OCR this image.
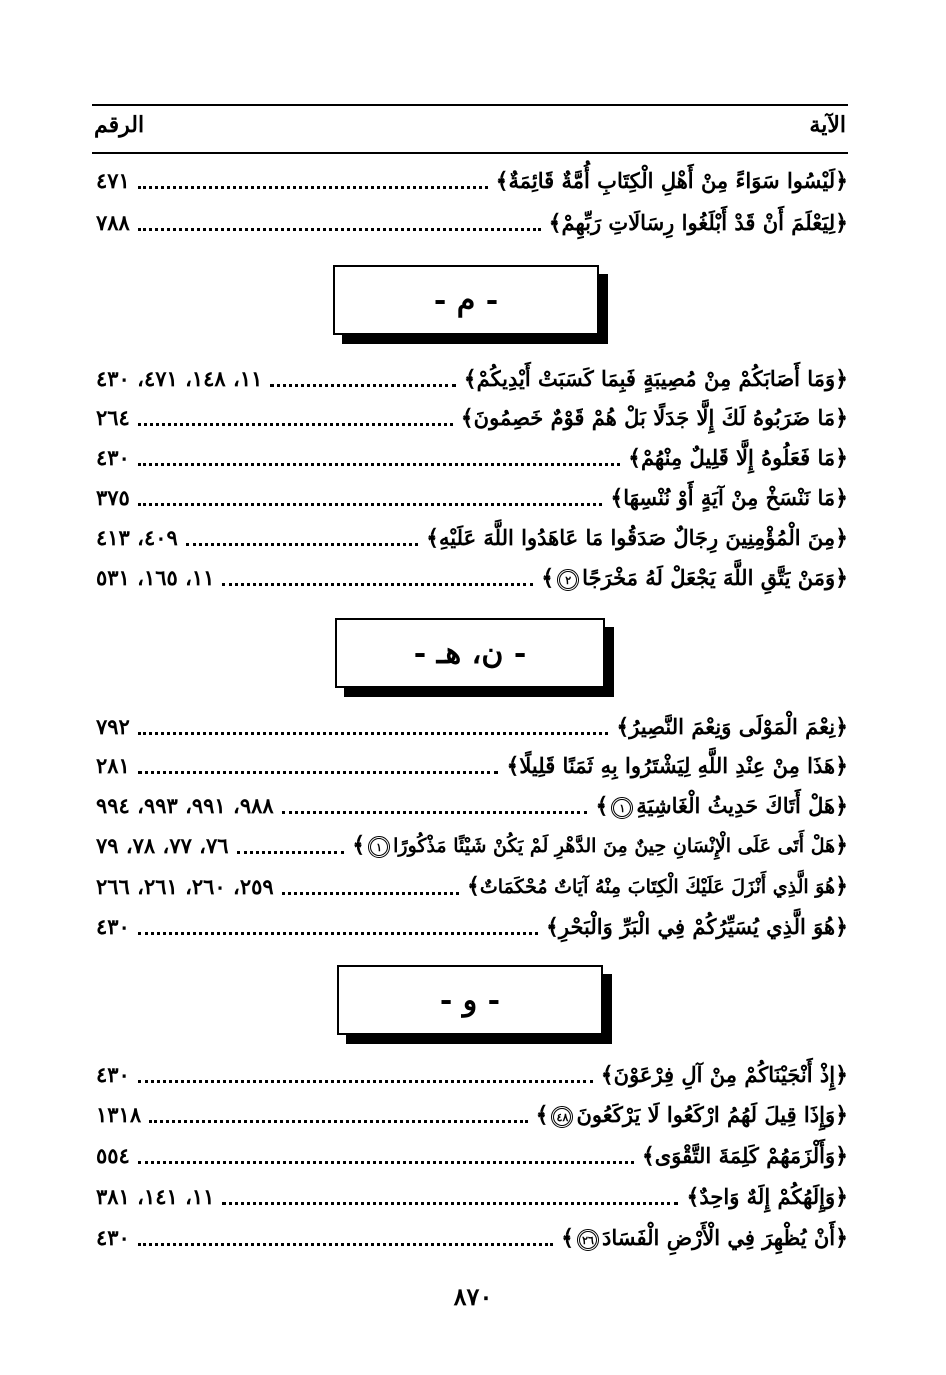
الآية
الرقم
﴿لَيْسُوا سَوَاءً مِنْ أَهْلِ الْكِتَابِ أُمَّةٌ قَائِمَةٌ﴾
٤٧١
﴿لِيَعْلَمَ أَنْ قَدْ أَبْلَغُوا رِسَالَاتِ رَبِّهِمْ﴾
٧٨٨
- م -
﴿وَمَا أَصَابَكُمْ مِنْ مُصِيبَةٍ فَبِمَا كَسَبَتْ أَيْدِيكُمْ﴾
١١، ١٤٨، ٤٧١، ٤٣٠
﴿مَا ضَرَبُوهُ لَكَ إِلَّا جَدَلًا بَلْ هُمْ قَوْمٌ خَصِمُونَ﴾
٢٦٤
﴿مَا فَعَلُوهُ إِلَّا قَلِيلٌ مِنْهُمْ﴾
٤٣٠
﴿مَا نَنْسَخْ مِنْ آيَةٍ أَوْ نُنْسِهَا﴾
٣٧٥
﴿مِنَ الْمُؤْمِنِينَ رِجَالٌ صَدَقُوا مَا عَاهَدُوا اللَّهَ عَلَيْهِ﴾
٤٠٩، ٤١٣
﴿وَمَنْ يَتَّقِ اللَّهَ يَجْعَلْ لَهُ مَخْرَجًا٢﴾
١١، ١٦٥، ٥٣١
- ن، هـ -
﴿نِعْمَ الْمَوْلَى وَنِعْمَ النَّصِيرُ﴾
٧٩٢
﴿هَذَا مِنْ عِنْدِ اللَّهِ لِيَشْتَرُوا بِهِ ثَمَنًا قَلِيلًا﴾
٢٨١
﴿هَلْ أَتَاكَ حَدِيثُ الْغَاشِيَةِ١﴾
٩٨٨، ٩٩١، ٩٩٣، ٩٩٤
﴿هَلْ أَتَى عَلَى الْإِنْسَانِ حِينٌ مِنَ الدَّهْرِ لَمْ يَكُنْ شَيْئًا مَذْكُورًا١﴾
٧٦، ٧٧، ٧٨، ٧٩
﴿هُوَ الَّذِي أَنْزَلَ عَلَيْكَ الْكِتَابَ مِنْهُ آيَاتٌ مُحْكَمَاتٌ﴾
٢٥٩، ٢٦٠، ٢٦١، ٢٦٦
﴿هُوَ الَّذِي يُسَيِّرُكُمْ فِي الْبَرِّ وَالْبَحْرِ﴾
٤٣٠
- و -
﴿إِذْ أَنْجَيْنَاكُمْ مِنْ آلِ فِرْعَوْنَ﴾
٤٣٠
﴿وَإِذَا قِيلَ لَهُمُ ارْكَعُوا لَا يَرْكَعُونَ٤٨﴾
١٣١٨
﴿وَأَلْزَمَهُمْ كَلِمَةَ التَّقْوَى﴾
٥٥٤
﴿وَإِلَهُكُمْ إِلَهٌ وَاحِدٌ﴾
١١، ١٤١، ٣٨١
﴿أَنْ يُظْهِرَ فِي الْأَرْضِ الْفَسَادَ٢٦﴾
٤٣٠
٨٧٠
